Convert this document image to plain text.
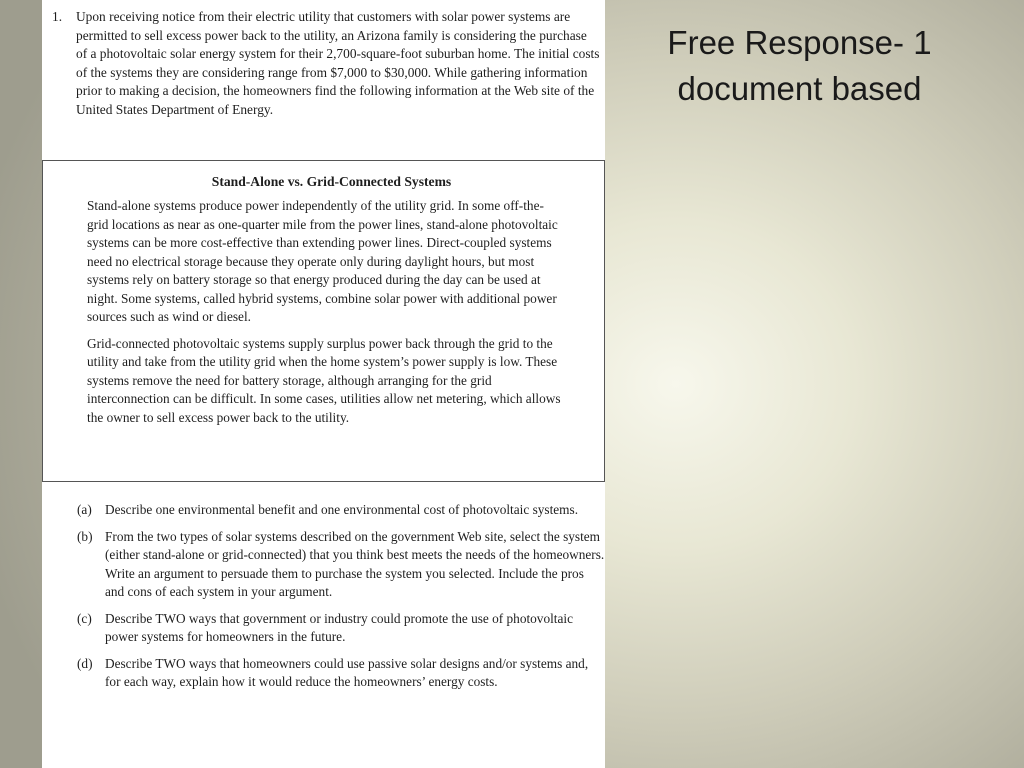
1. Upon receiving notice from their electric utility that customers with solar power systems are permitted to sell excess power back to the utility, an Arizona family is considering the purchase of a photovoltaic solar energy system for their 2,700-square-foot suburban home. The initial costs of the systems they are considering range from $7,000 to $30,000. While gathering information prior to making a decision, the homeowners find the following information at the Web site of the United States Department of Energy.
Stand-Alone vs. Grid-Connected Systems

Stand-alone systems produce power independently of the utility grid. In some off-the-grid locations as near as one-quarter mile from the power lines, stand-alone photovoltaic systems can be more cost-effective than extending power lines. Direct-coupled systems need no electrical storage because they operate only during daylight hours, but most systems rely on battery storage so that energy produced during the day can be used at night. Some systems, called hybrid systems, combine solar power with additional power sources such as wind or diesel.

Grid-connected photovoltaic systems supply surplus power back through the grid to the utility and take from the utility grid when the home system’s power supply is low. These systems remove the need for battery storage, although arranging for the grid interconnection can be difficult. In some cases, utilities allow net metering, which allows the owner to sell excess power back to the utility.

(a) Describe one environmental benefit and one environmental cost of photovoltaic systems.
(b) From the two types of solar systems described on the government Web site, select the system (either stand-alone or grid-connected) that you think best meets the needs of the homeowners. Write an argument to persuade them to purchase the system you selected. Include the pros and cons of each system in your argument.
(c) Describe TWO ways that government or industry could promote the use of photovoltaic power systems for homeowners in the future.
(d) Describe TWO ways that homeowners could use passive solar designs and/or systems and, for each way, explain how it would reduce the homeowners’ energy costs.
Free Response- 1 document based
